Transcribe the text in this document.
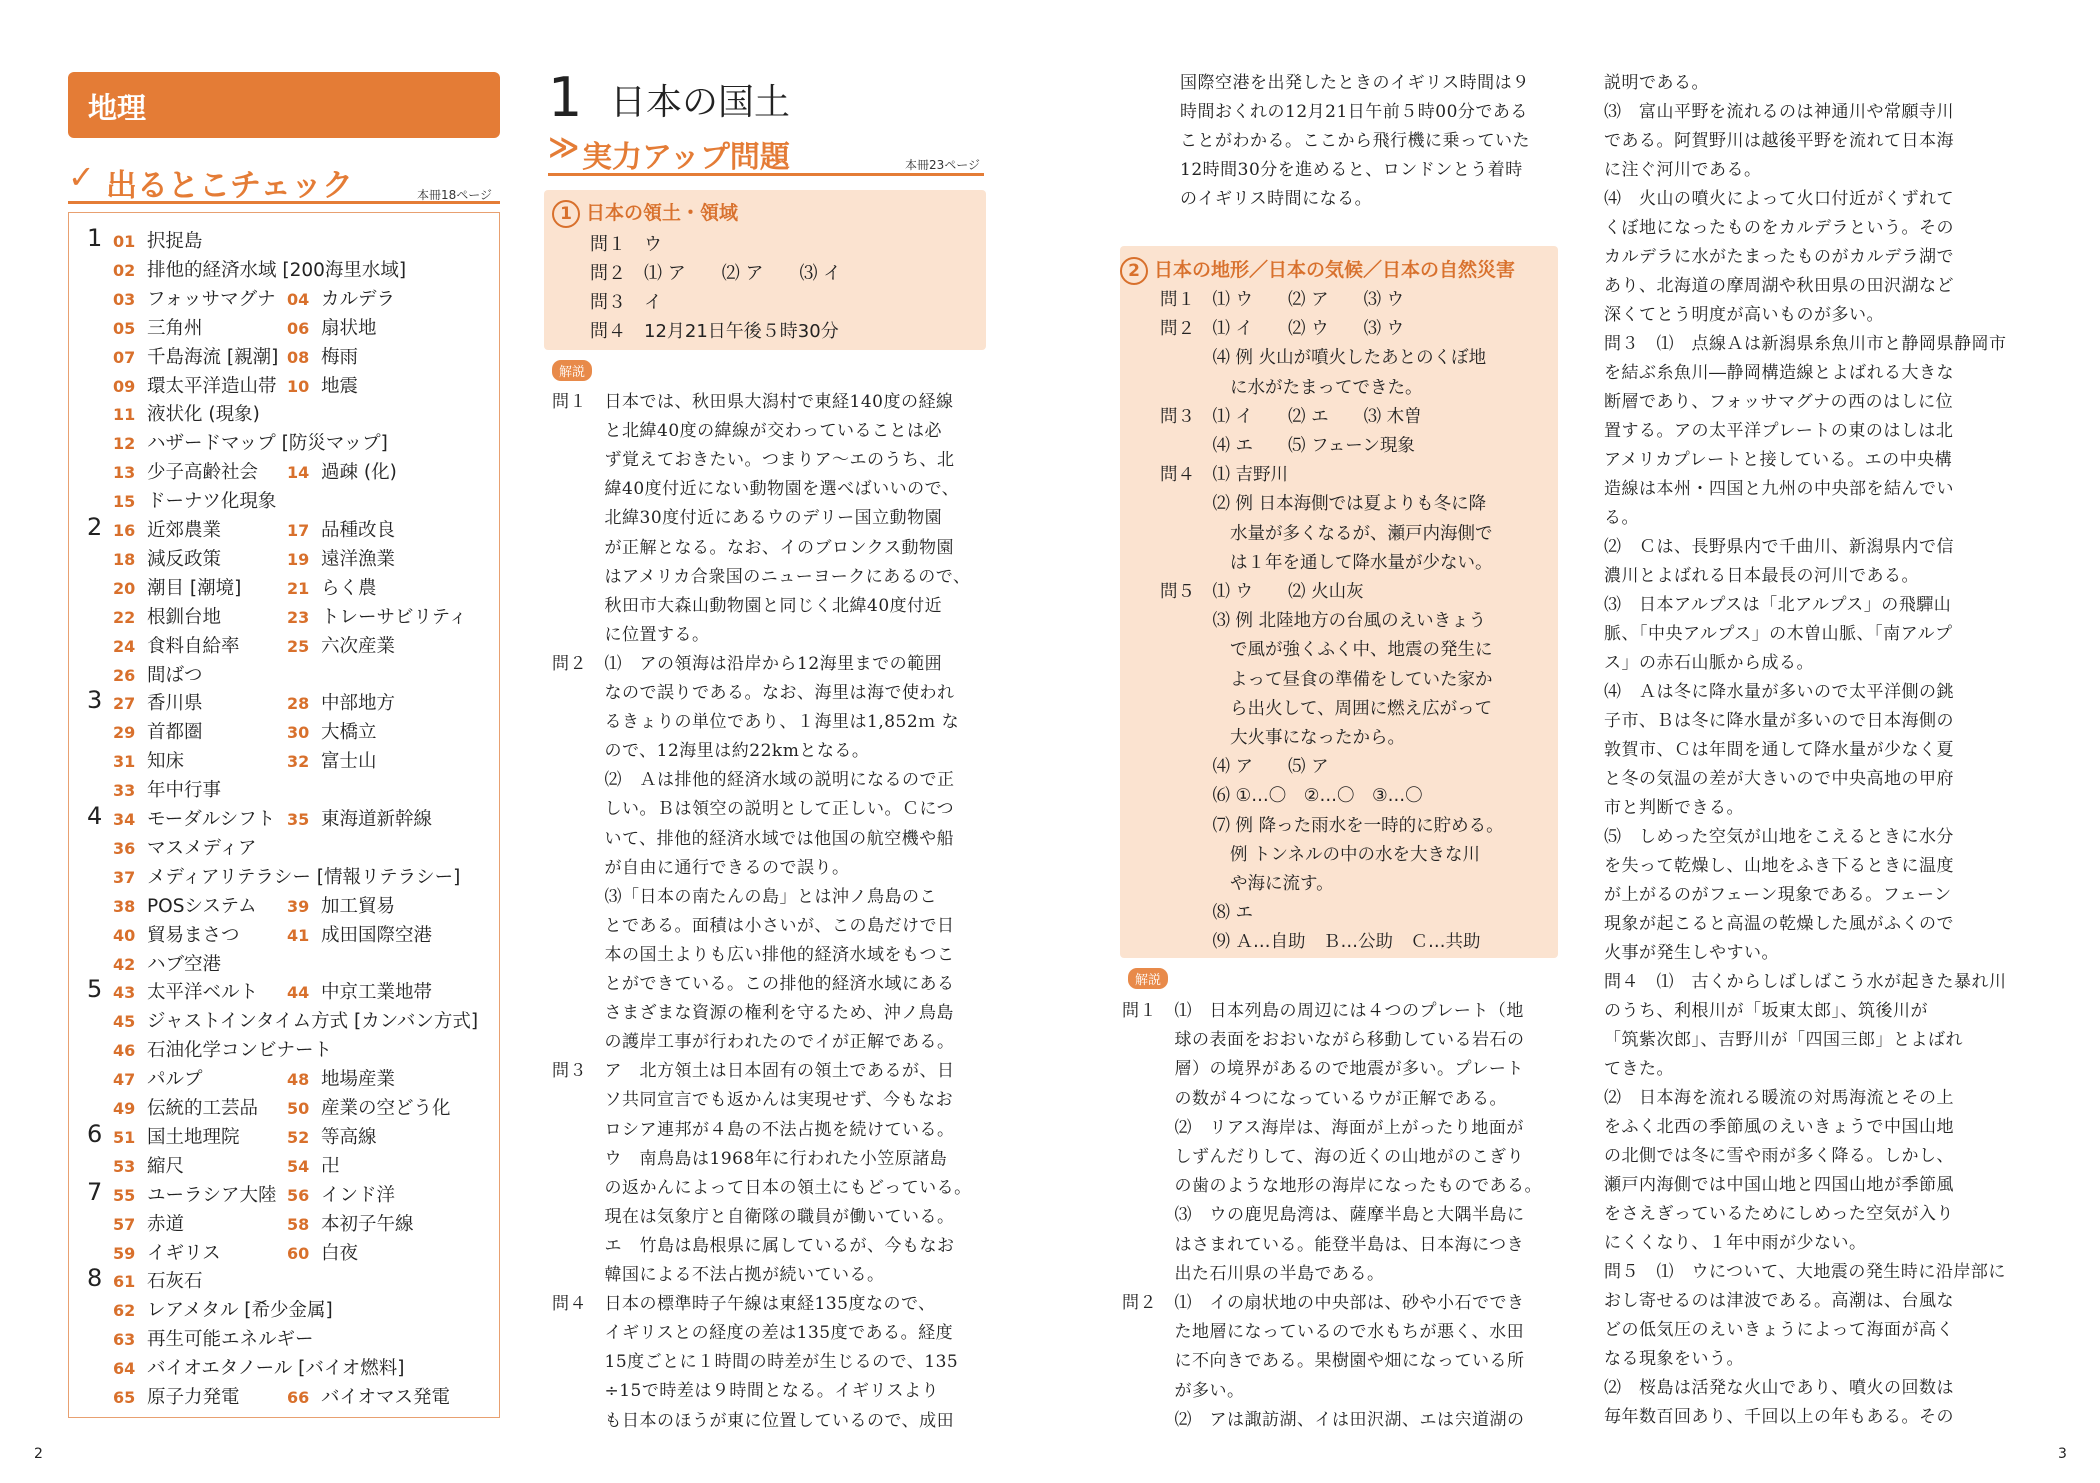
地理
✓ 出るとこチェック	本冊18ページ
1 01 択捉島
02 排他的経済水域 [200海里水域]
03 フォッサマグナ 04 カルデラ
05 三角州	06 扇状地
07 千島海流 [親潮] 08 梅雨
09 環太平洋造山帯 10 地震
11 液状化 (現象)
12 ハザードマップ [防災マップ]
13 少子高齢社会 14 過疎 (化)
15 ドーナツ化現象
2 16 近郊農業	17 品種改良
18 減反政策	19 遠洋漁業
20 潮目 [潮境]	21 らく農
22 根釧台地	23 トレーサビリティ
24 食料自給率	25 六次産業
26 間ばつ
3 27 香川県	28 中部地方
29 首都圏	30 大橋立
31 知床	32 富士山
33 年中行事
4 34 モーダルシフト 35 東海道新幹線
36 マスメディア
37 メディアリテラシー [情報リテラシー]
38 POSシステム 39 加工貿易
40 貿易まさつ	41 成田国際空港
42 ハブ空港
5 43 太平洋ベルト 44 中京工業地帯
45 ジャストインタイム方式 [カンバン方式]
46 石油化学コンビナート
47 パルプ	48 地場産業
49 伝統的工芸品 50 産業の空どう化
6 51 国土地理院	52 等高線
53 縮尺	54 卍
7 55 ユーラシア大陸 56 インド洋
57 赤道	58 本初子午線
59 イギリス	60 白夜
8 61 石灰石
62 レアメタル [希少金属]
63 再生可能エネルギー
64 バイオエタノール [バイオ燃料]
65 原子力発電	66 バイオマス発電
1 日本の国土
≫ 実力アップ問題	本冊23ページ
1 日本の領土・領域
問１　ウ
問２　⑴ ア　　⑵ ア　　⑶ イ
問３　イ
問４　12月21日午後５時30分
解説
問１　日本では、秋田県大潟村で東経140度の経線
　　　と北緯40度の緯線が交わっていることは必
　　　ず覚えておきたい。つまりア～エのうち、北
　　　緯40度付近にない動物園を選べばいいので、
　　　北緯30度付近にあるウのデリー国立動物園
　　　が正解となる。なお、イのブロンクス動物園
　　　はアメリカ合衆国のニューヨークにあるので、
　　　秋田市大森山動物園と同じく北緯40度付近
　　　に位置する。
問２　⑴　アの領海は沿岸から12海里までの範囲
　　　なので誤りである。なお、海里は海で使われ
　　　るきょりの単位であり、１海里は1,852ｍ な
　　　ので、12海里は約22kmとなる。
　　　⑵　Ａは排他的経済水域の説明になるので正
　　　しい。Ｂは領空の説明として正しい。Ｃにつ
　　　いて、排他的経済水域では他国の航空機や船
　　　が自由に通行できるので誤り。
　　　⑶「日本の南たんの島」とは沖ノ鳥島のこ
　　　とである。面積は小さいが、この島だけで日
　　　本の国土よりも広い排他的経済水域をもつこ
　　　とができている。この排他的経済水域にある
　　　さまざまな資源の権利を守るため、沖ノ鳥島
　　　の護岸工事が行われたのでイが正解である。
問３　ア　北方領土は日本固有の領土であるが、日
　　　ソ共同宣言でも返かんは実現せず、今もなお
　　　ロシア連邦が４島の不法占拠を続けている。
　　　ウ　南鳥島は1968年に行われた小笠原諸島
　　　の返かんによって日本の領土にもどっている。
　　　現在は気象庁と自衛隊の職員が働いている。
　　　エ　竹島は島根県に属しているが、今もなお
　　　韓国による不法占拠が続いている。
問４　日本の標準時子午線は東経135度なので、
　　　イギリスとの経度の差は135度である。経度
　　　15度ごとに１時間の時差が生じるので、135
　　　÷15で時差は９時間となる。イギリスより
　　　も日本のほうが東に位置しているので、成田
国際空港を出発したときのイギリス時間は９
時間おくれの12月21日午前５時00分である
ことがわかる。ここから飛行機に乗っていた
12時間30分を進めると、ロンドンとう着時
のイギリス時間になる。
2 日本の地形／日本の気候／日本の自然災害
問１　⑴ ウ　　⑵ ア　　⑶ ウ
問２　⑴ イ　　⑵ ウ　　⑶ ウ
　　　⑷ 例 火山が噴火したあとのくぼ地
　　　　に水がたまってできた。
問３　⑴ イ　　⑵ エ　　⑶ 木曽
　　　⑷ エ　　⑸ フェーン現象
問４　⑴ 吉野川
　　　⑵ 例 日本海側では夏よりも冬に降
　　　　水量が多くなるが、瀬戸内海側で
　　　　は１年を通して降水量が少ない。
問５　⑴ ウ　　⑵ 火山灰
　　　⑶ 例 北陸地方の台風のえいきょう
　　　　で風が強くふく中、地震の発生に
　　　　よって昼食の準備をしていた家か
　　　　ら出火して、周囲に燃え広がって
　　　　大火事になったから。
　　　⑷ ア　　⑸ ア
　　　⑹ ①…〇　②…〇　③…〇
　　　⑺ 例 降った雨水を一時的に貯める。
　　　　例 トンネルの中の水を大きな川
　　　　や海に流す。
　　　⑻ エ
　　　⑼ Ａ…自助　Ｂ…公助　Ｃ…共助
解説
問１　⑴　日本列島の周辺には４つのプレート（地
　　　球の表面をおおいながら移動している岩石の
　　　層）の境界があるので地震が多い。プレート
　　　の数が４つになっているウが正解である。
　　　⑵　リアス海岸は、海面が上がったり地面が
　　　しずんだりして、海の近くの山地がのこぎり
　　　の歯のような地形の海岸になったものである。
　　　⑶　ウの鹿児島湾は、薩摩半島と大隅半島に
　　　はさまれている。能登半島は、日本海につき
　　　出た石川県の半島である。
問２　⑴　イの扇状地の中央部は、砂や小石ででき
　　　た地層になっているので水もちが悪く、水田
　　　に不向きである。果樹園や畑になっている所
　　　が多い。
　　　⑵　アは諏訪湖、イは田沢湖、エは宍道湖の
説明である。
⑶　富山平野を流れるのは神通川や常願寺川
である。阿賀野川は越後平野を流れて日本海
に注ぐ河川である。
⑷　火山の噴火によって火口付近がくずれて
くぼ地になったものをカルデラという。その
カルデラに水がたまったものがカルデラ湖で
あり、北海道の摩周湖や秋田県の田沢湖など
深くてとう明度が高いものが多い。
問３　⑴　点線Ａは新潟県糸魚川市と静岡県静岡市
を結ぶ糸魚川―静岡構造線とよばれる大きな
断層であり、フォッサマグナの西のはしに位
置する。アの太平洋プレートの東のはしは北
アメリカプレートと接している。エの中央構
造線は本州・四国と九州の中央部を結んでい
る。
⑵　Ｃは、長野県内で千曲川、新潟県内で信
濃川とよばれる日本最長の河川である。
⑶　日本アルプスは「北アルプス」の飛驒山
脈、「中央アルプス」の木曽山脈、「南アルプ
ス」の赤石山脈から成る。
⑷　Ａは冬に降水量が多いので太平洋側の銚
子市、Ｂは冬に降水量が多いので日本海側の
敦賀市、Ｃは年間を通して降水量が少なく夏
と冬の気温の差が大きいので中央高地の甲府
市と判断できる。
⑸　しめった空気が山地をこえるときに水分
を失って乾燥し、山地をふき下るときに温度
が上がるのがフェーン現象である。フェーン
現象が起こると高温の乾燥した風がふくので
火事が発生しやすい。
問４　⑴　古くからしばしばこう水が起きた暴れ川
のうち、利根川が「坂東太郎」、筑後川が
「筑紫次郎」、吉野川が「四国三郎」とよばれ
てきた。
⑵　日本海を流れる暖流の対馬海流とその上
をふく北西の季節風のえいきょうで中国山地
の北側では冬に雪や雨が多く降る。しかし、
瀬戸内海側では中国山地と四国山地が季節風
をさえぎっているためにしめった空気が入り
にくくなり、１年中雨が少ない。
問５　⑴　ウについて、大地震の発生時に沿岸部に
おし寄せるのは津波である。高潮は、台風な
どの低気圧のえいきょうによって海面が高く
なる現象をいう。
⑵　桜島は活発な火山であり、噴火の回数は
毎年数百回あり、千回以上の年もある。その
2	3
